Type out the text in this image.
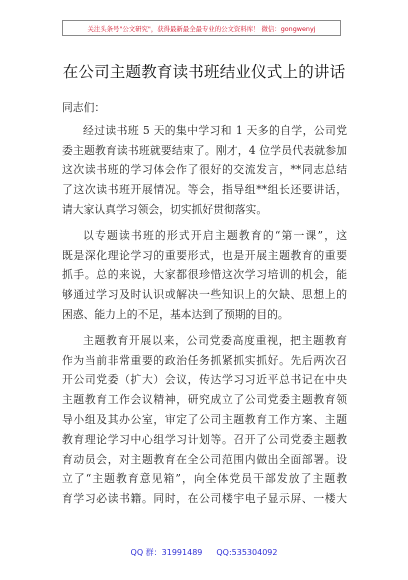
关注头条号"公文研究"，获得最新最全最专业的公文资料库！ 微信：gongwenyj
在公司主题教育读书班结业仪式上的讲话
同志们：
经过读书班 5 天的集中学习和 1 天多的自学，公司党
委主题教育读书班就要结束了。刚才，4 位学员代表就参加
这次读书班的学习体会作了很好的交流发言，**同志总结
了这次读书班开展情况。等会，指导组**组长还要讲话，
请大家认真学习领会，切实抓好贯彻落实。
以专题读书班的形式开启主题教育的“第一课”，这
既是深化理论学习的重要形式，也是开展主题教育的重要
抓手。总的来说，大家都很珍惜这次学习培训的机会，能
够通过学习及时认识或解决一些知识上的欠缺、思想上的
困惑、能力上的不足，基本达到了预期的目的。
主题教育开展以来，公司党委高度重视，把主题教育
作为当前非常重要的政治任务抓紧抓实抓好。先后两次召
开公司党委（扩大）会议，传达学习习近平总书记在中央
主题教育工作会议精神，研究成立了公司党委主题教育领
导小组及其办公室，审定了公司主题教育工作方案、主题
教育理论学习中心组学习计划等。召开了公司党委主题教
育动员会，对主题教育在全公司范围内做出全面部署。设
立了“主题教育意见箱”，向全体党员干部发放了主题教
育学习必读书籍。同时，在公司楼宇电子显示屏、一楼大
QQ 群：31991489 QQ:535304092
